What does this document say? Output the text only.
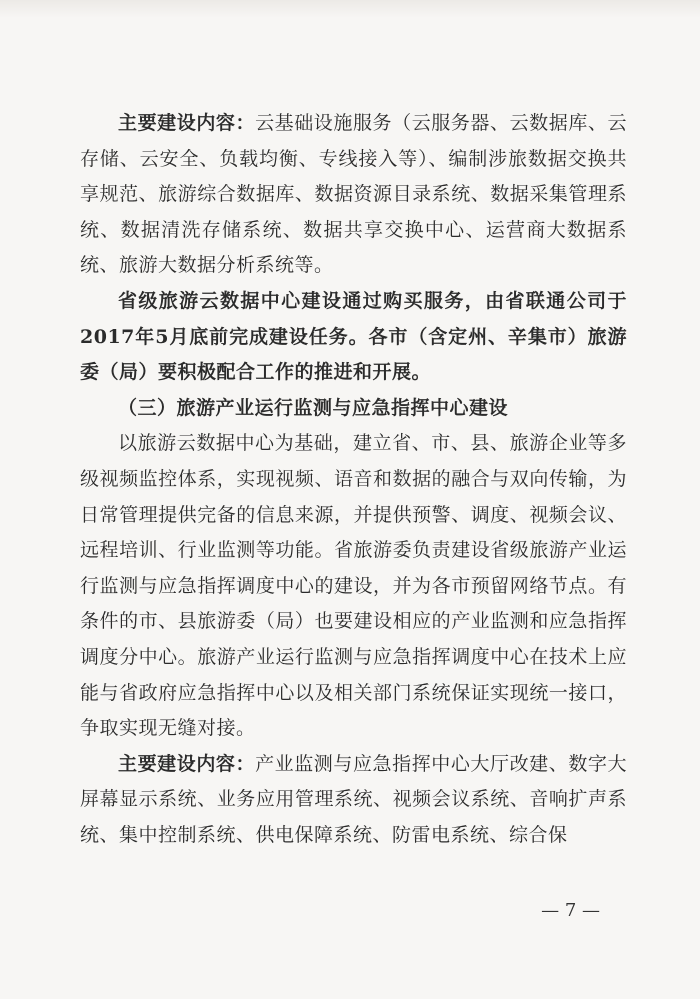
主要建设内容：云基础设施服务（云服务器、云数据库、云存储、云安全、负载均衡、专线接入等）、编制涉旅数据交换共享规范、旅游综合数据库、数据资源目录系统、数据采集管理系统、数据清洗存储系统、数据共享交换中心、运营商大数据系统、旅游大数据分析系统等。

省级旅游云数据中心建设通过购买服务，由省联通公司于2017年5月底前完成建设任务。各市（含定州、辛集市）旅游委（局）要积极配合工作的推进和开展。

（三）旅游产业运行监测与应急指挥中心建设

以旅游云数据中心为基础，建立省、市、县、旅游企业等多级视频监控体系，实现视频、语音和数据的融合与双向传输，为日常管理提供完备的信息来源，并提供预警、调度、视频会议、远程培训、行业监测等功能。省旅游委负责建设省级旅游产业运行监测与应急指挥调度中心的建设，并为各市预留网络节点。有条件的市、县旅游委（局）也要建设相应的产业监测和应急指挥调度分中心。旅游产业运行监测与应急指挥调度中心在技术上应能与省政府应急指挥中心以及相关部门系统保证实现统一接口，争取实现无缝对接。

主要建设内容：产业监测与应急指挥中心大厅改建、数字大屏幕显示系统、业务应用管理系统、视频会议系统、音响扩声系统、集中控制系统、供电保障系统、防雷电系统、综合保

— 7 —
